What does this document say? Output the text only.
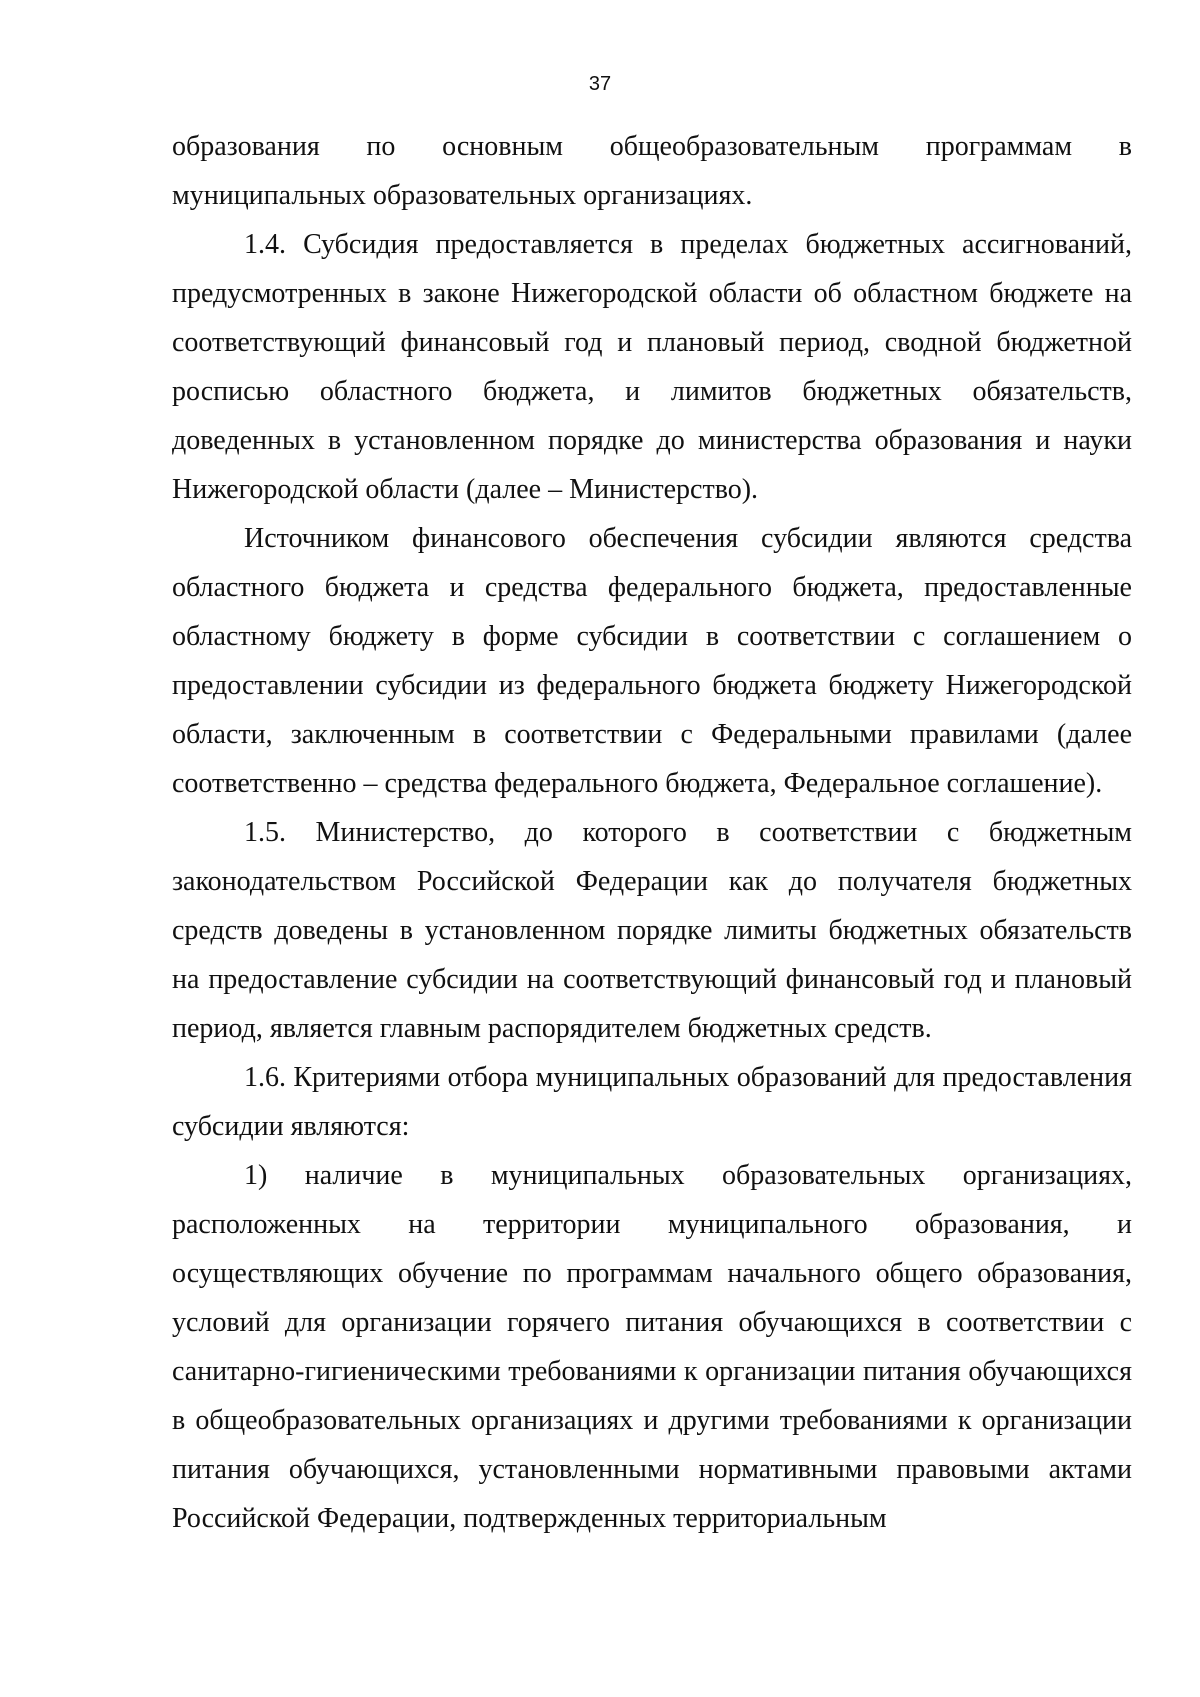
37

образования по основным общеобразовательным программам в муниципальных образовательных организациях.

1.4. Субсидия предоставляется в пределах бюджетных ассигнований, предусмотренных в законе Нижегородской области об областном бюджете на соответствующий финансовый год и плановый период, сводной бюджетной росписью областного бюджета, и лимитов бюджетных обязательств, доведенных в установленном порядке до министерства образования и науки Нижегородской области (далее – Министерство).

Источником финансового обеспечения субсидии являются средства областного бюджета и средства федерального бюджета, предоставленные областному бюджету в форме субсидии в соответствии с соглашением о предоставлении субсидии из федерального бюджета бюджету Нижегородской области, заключенным в соответствии с Федеральными правилами (далее соответственно – средства федерального бюджета, Федеральное соглашение).

1.5. Министерство, до которого в соответствии с бюджетным законодательством Российской Федерации как до получателя бюджетных средств доведены в установленном порядке лимиты бюджетных обязательств на предоставление субсидии на соответствующий финансовый год и плановый период, является главным распорядителем бюджетных средств.

1.6. Критериями отбора муниципальных образований для предоставления субсидии являются:

1) наличие в муниципальных образовательных организациях, расположенных на территории муниципального образования, и осуществляющих обучение по программам начального общего образования, условий для организации горячего питания обучающихся в соответствии с санитарно-гигиеническими требованиями к организации питания обучающихся в общеобразовательных организациях и другими требованиями к организации питания обучающихся, установленными нормативными правовыми актами Российской Федерации, подтвержденных территориальным
